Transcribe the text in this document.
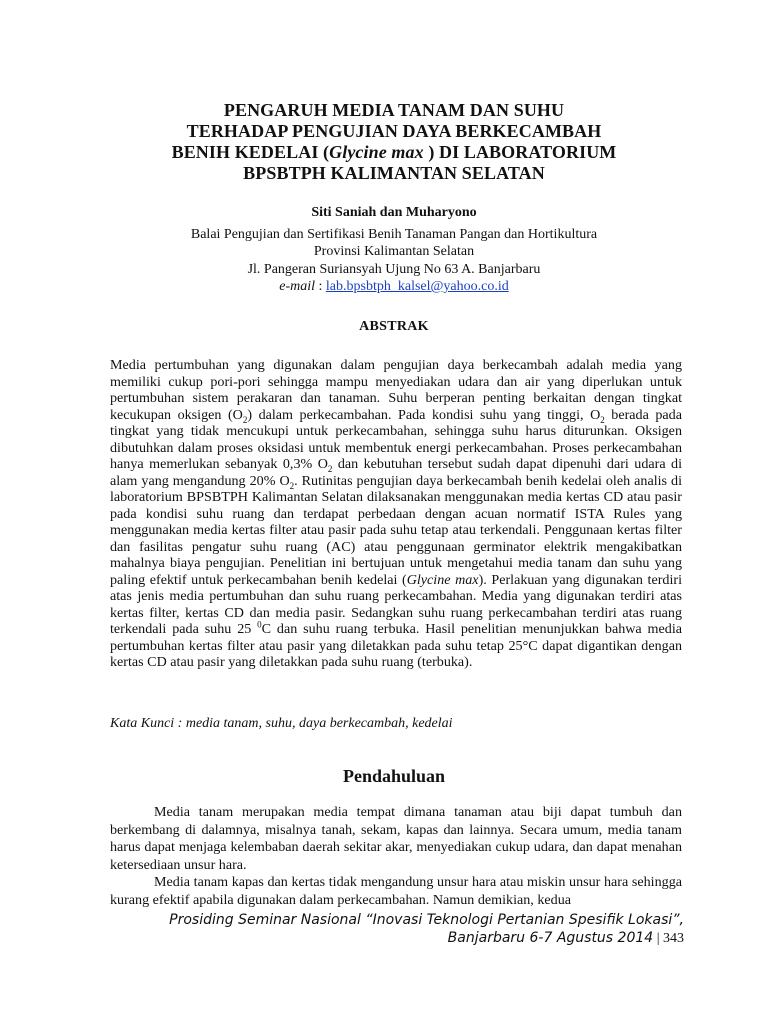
PENGARUH MEDIA TANAM DAN SUHU
TERHADAP PENGUJIAN DAYA BERKECAMBAH
BENIH KEDELAI (Glycine max ) DI LABORATORIUM
BPSBTPH KALIMANTAN SELATAN
Siti Saniah dan Muharyono
Balai Pengujian dan Sertifikasi Benih Tanaman Pangan dan Hortikultura
Provinsi Kalimantan Selatan
Jl. Pangeran Suriansyah Ujung No 63 A. Banjarbaru
e-mail : lab.bpsbtph_kalsel@yahoo.co.id
ABSTRAK

Media pertumbuhan yang digunakan dalam pengujian daya berkecambah adalah media yang memiliki cukup pori-pori sehingga mampu menyediakan udara dan air yang diperlukan untuk pertumbuhan sistem perakaran dan tanaman. Suhu berperan penting berkaitan dengan tingkat kecukupan oksigen $(O_2)$ dalam perkecambahan. Pada kondisi suhu yang tinggi, $O_2$ berada pada tingkat yang tidak mencukupi untuk perkecambahan, sehingga suhu harus diturunkan. Oksigen dibutuhkan dalam proses oksidasi untuk membentuk energi perkecambahan. Proses perkecambahan hanya memerlukan sebanyak 0,3% $O_2$ dan kebutuhan tersebut sudah dapat dipenuhi dari udara di alam yang mengandung 20% $O_2$. Rutinitas pengujian daya berkecambah benih kedelai oleh analis di laboratorium BPSBTPH Kalimantan Selatan dilaksanakan menggunakan media kertas CD atau pasir pada kondisi suhu ruang dan terdapat perbedaan dengan acuan normatif ISTA Rules yang menggunakan media kertas filter atau pasir pada suhu tetap atau terkendali. Penggunaan kertas filter dan fasilitas pengatur suhu ruang (AC) atau penggunaan germinator elektrik mengakibatkan mahalnya biaya pengujian. Penelitian ini bertujuan untuk mengetahui media tanam dan suhu yang paling efektif untuk perkecambahan benih kedelai (Glycine max). Perlakuan yang digunakan terdiri atas jenis media pertumbuhan dan suhu ruang perkecambahan. Media yang digunakan terdiri atas kertas filter, kertas CD dan media pasir. Sedangkan suhu ruang perkecambahan terdiri atas ruang terkendali pada suhu 25 $^0$C dan suhu ruang terbuka. Hasil penelitian menunjukkan bahwa media pertumbuhan kertas filter atau pasir yang diletakkan pada suhu tetap 25°C dapat digantikan dengan kertas CD atau pasir yang diletakkan pada suhu ruang (terbuka).

Kata Kunci : media tanam, suhu, daya berkecambah, kedelai
Pendahuluan

Media tanam merupakan media tempat dimana tanaman atau biji dapat tumbuh dan berkembang di dalamnya, misalnya tanah, sekam, kapas dan lainnya. Secara umum, media tanam harus dapat menjaga kelembaban daerah sekitar akar, menyediakan cukup udara, dan dapat menahan ketersediaan unsur hara.

Media tanam kapas dan kertas tidak mengandung unsur hara atau miskin unsur hara sehingga kurang efektif apabila digunakan dalam perkecambahan. Namun demikian, kedua

Prosiding Seminar Nasional “Inovasi Teknologi Pertanian Spesifik Lokasi”,
Banjarbaru 6-7 Agustus 2014 | 343
